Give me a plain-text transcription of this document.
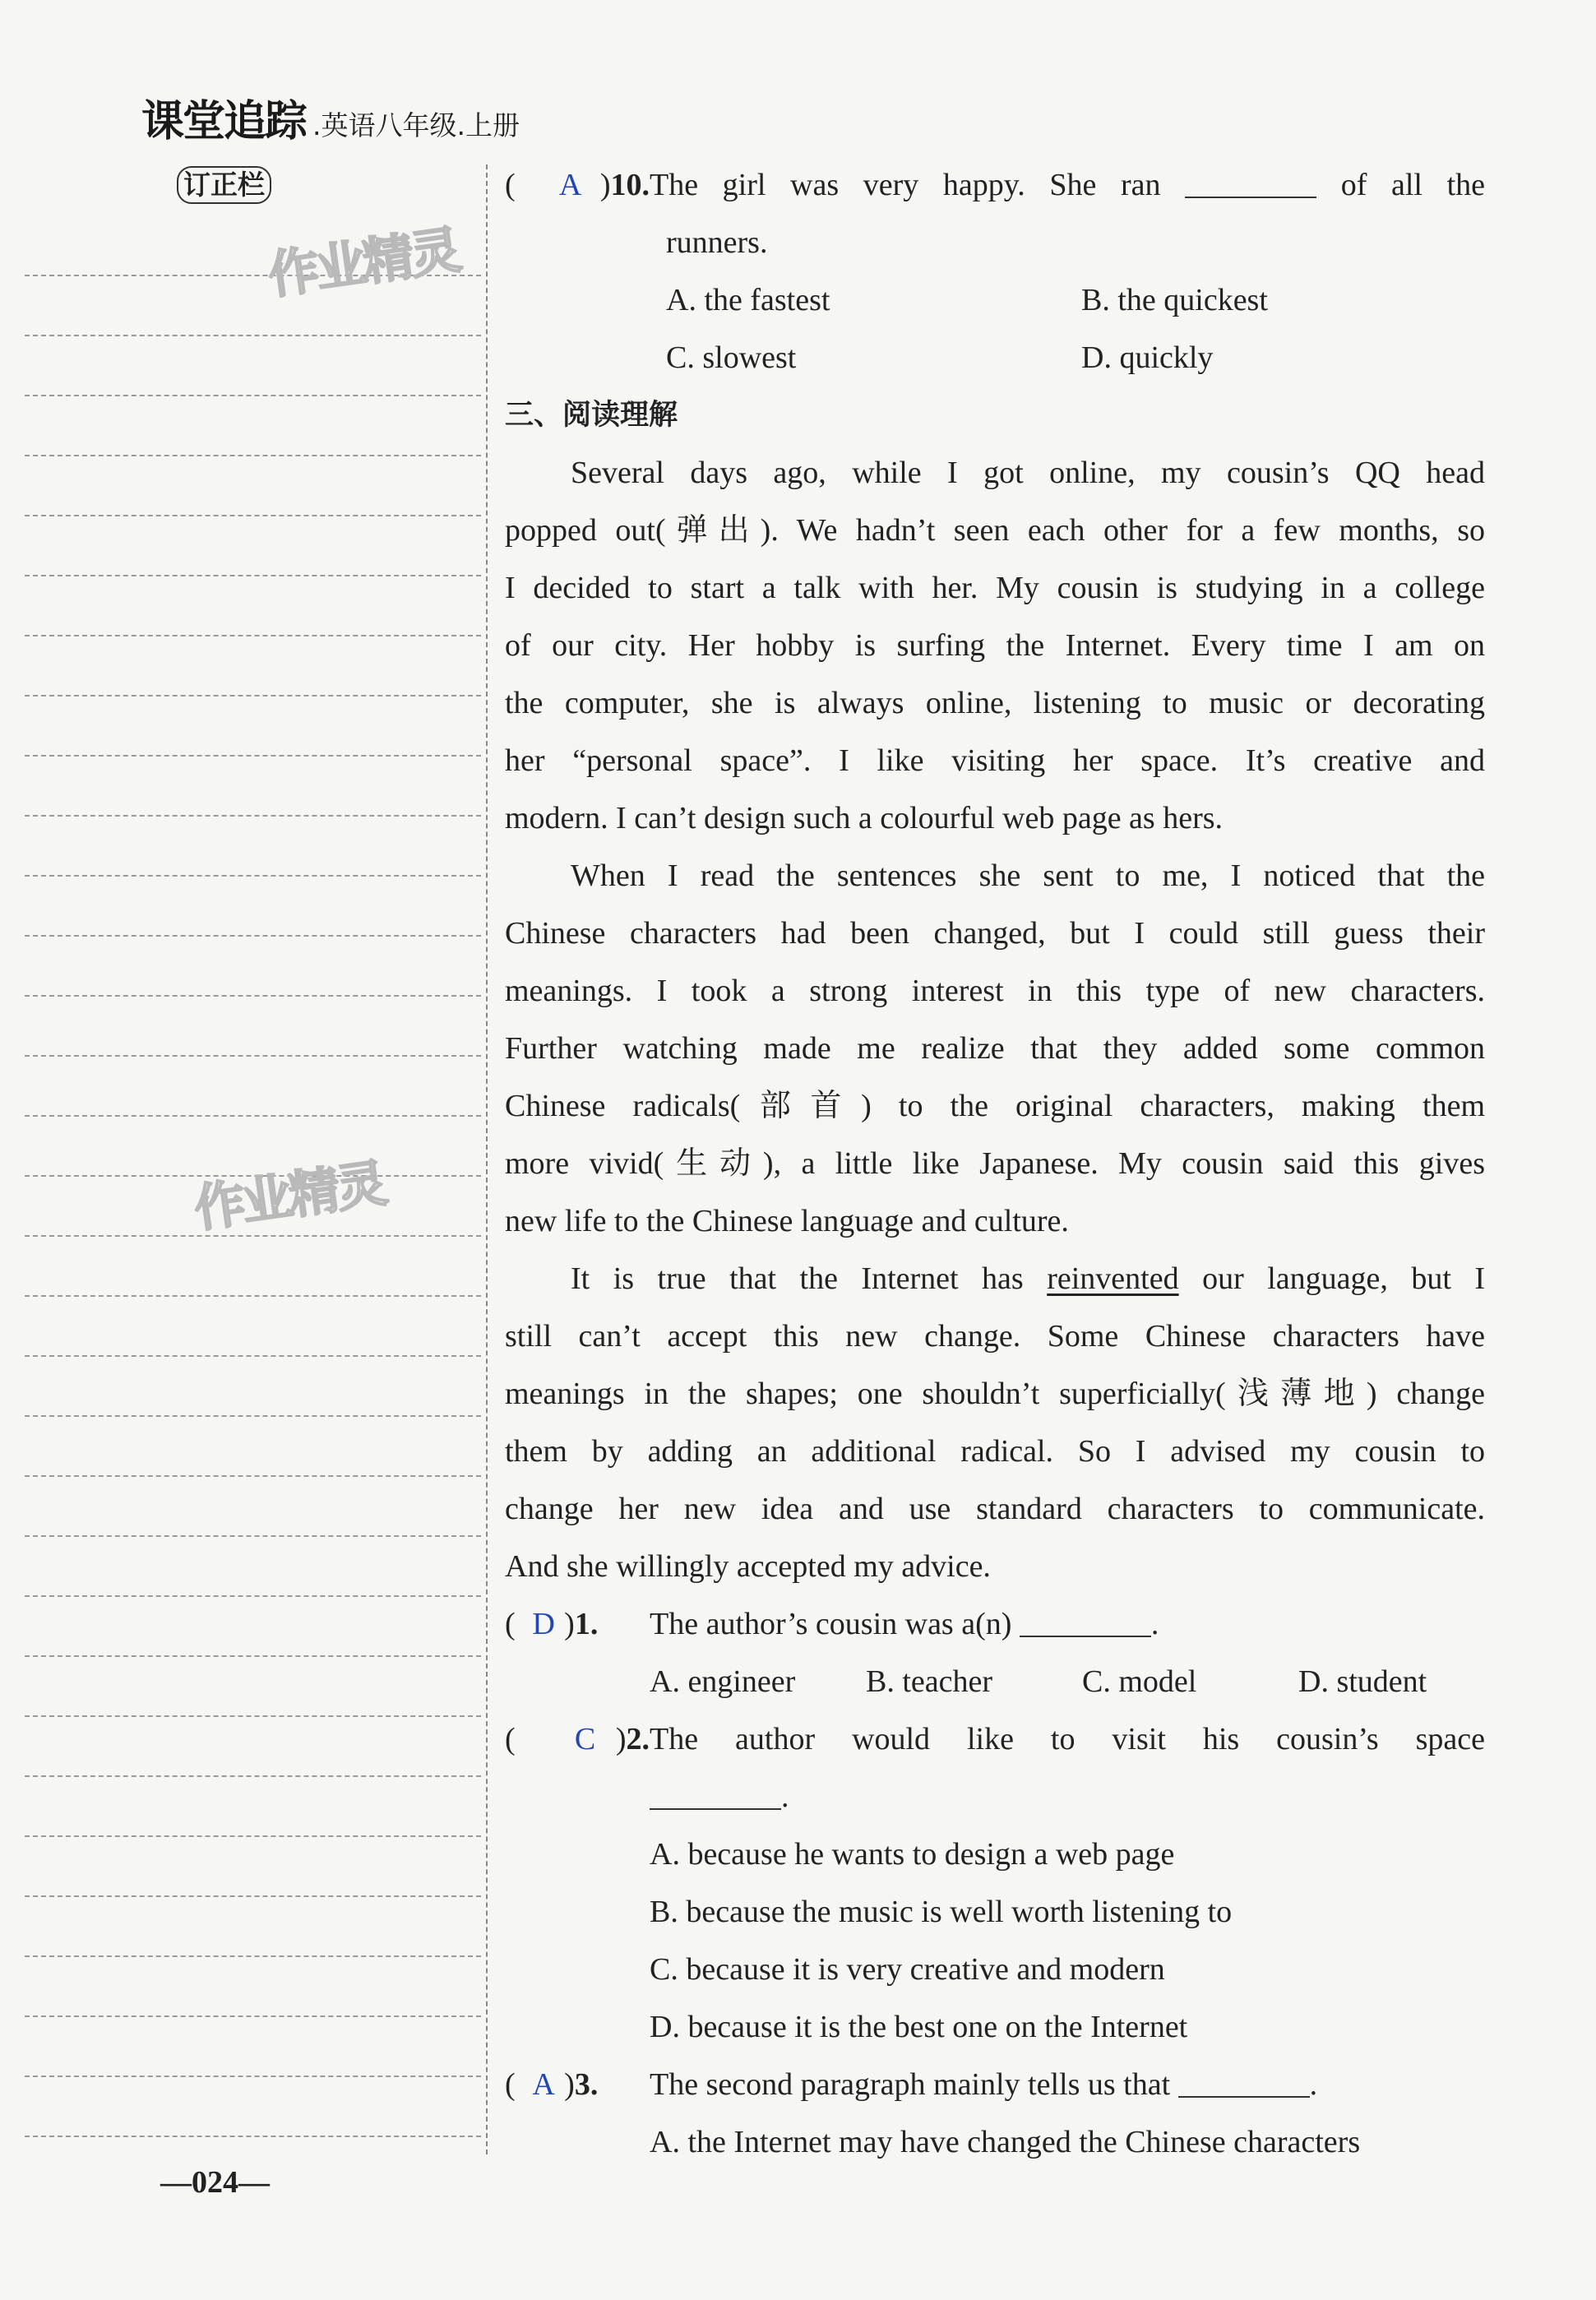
课堂追踪 .英语八年级.上册
订正栏
作业精灵
作业精灵
( A )10.The girl was very happy. She ran	of all the
runners.
A. the fastest	B. the quickest
C. slowest	D. quickly
三、阅读理解
Several days ago, while I got online, my cousin’s QQ head
popped out(弹出). We hadn’t seen each other for a few months, so
I decided to start a talk with her. My cousin is studying in a college
of our city. Her hobby is surfing the Internet. Every time I am on
the computer, she is always online, listening to music or decorating
her “personal space”. I like visiting her space. It’s creative and
modern. I can’t design such a colourful web page as hers.
When I read the sentences she sent to me, I noticed that the
Chinese characters had been changed, but I could still guess their
meanings. I took a strong interest in this type of new characters.
Further watching made me realize that they added some common
Chinese radicals(部首) to the original characters, making them
more vivid(生动), a little like Japanese. My cousin said this gives
new life to the Chinese language and culture.
It is true that the Internet has reinvented our language, but I
still can’t accept this new change. Some Chinese characters have
meanings in the shapes; one shouldn’t superficially(浅薄地) change
them by adding an additional radical. So I advised my cousin to
change her new idea and use standard characters to communicate.
And she willingly accepted my advice.
( D )1. The author’s cousin was a(n)	.
A. engineer B. teacher	C. model	D. student
( C )2.The author would like to visit his cousin’s space
.
A. because he wants to design a web page
B. because the music is well worth listening to
C. because it is very creative and modern
D. because it is the best one on the Internet
( A )3. The second paragraph mainly tells us that	.
A. the Internet may have changed the Chinese characters
—024—
